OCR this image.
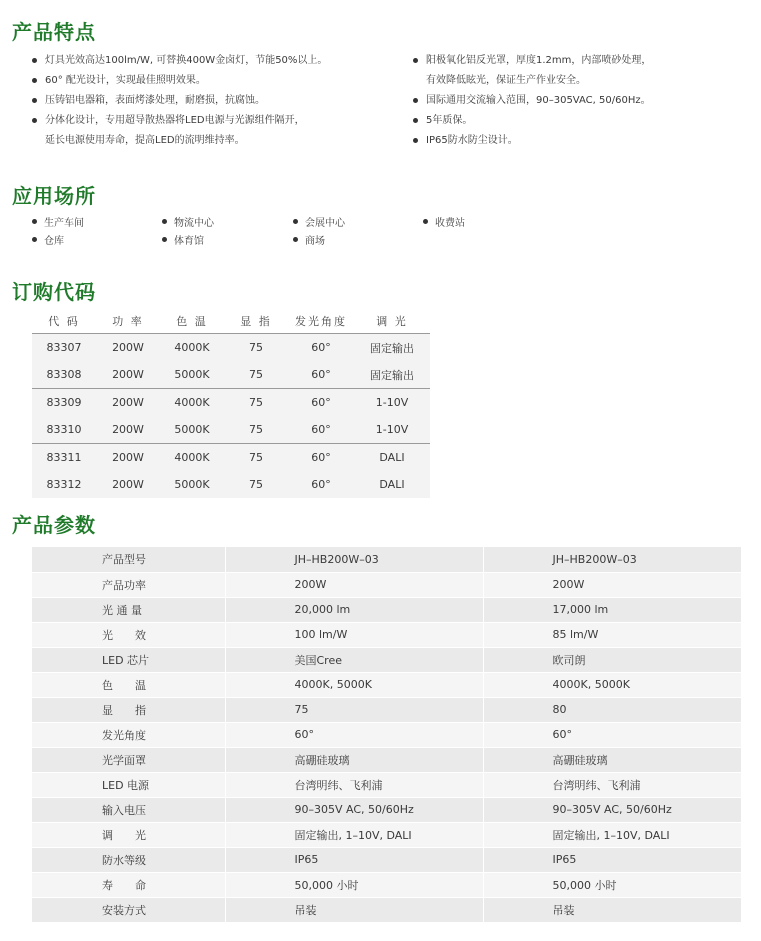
产品特点
灯具光效高达100lm/W, 可替换400W金卤灯，节能50%以上。
60° 配光设计，实现最佳照明效果。
压铸铝电器箱，表面烤漆处理，耐磨损，抗腐蚀。
分体化设计，专用超导散热器将LED电源与光源组件隔开，
延长电源使用寿命，提高LED的流明维持率。
阳极氧化铝反光罩，厚度1.2mm，内部喷砂处理，
有效降低眩光，保证生产作业安全。
国际通用交流输入范围，90–305VAC, 50/60Hz。
5年质保。
IP65防水防尘设计。
应用场所
生产车间	物流中心	会展中心	收费站
仓库	体育馆	商场
订购代码
代 码	功 率	色 温	显 指	发光角度	调 光
83307	200W	4000K	75	60°	固定输出
83308	200W	5000K	75	60°	固定输出
83309	200W	4000K	75	60°	1-10V
83310	200W	5000K	75	60°	1-10V
83311	200W	4000K	75	60°	DALI
83312	200W	5000K	75	60°	DALI
产品参数
产品型号	JH–HB200W–03	JH–HB200W–03
产品功率	200W	200W
光 通 量	20,000 lm	17,000 lm
光　　效	100 lm/W	85 lm/W
LED 芯片	美国Cree	欧司朗
色　　温	4000K, 5000K	4000K, 5000K
显　　指	75	80
发光角度	60°	60°
光学面罩	高硼硅玻璃	高硼硅玻璃
LED 电源	台湾明纬、飞利浦	台湾明纬、飞利浦
输入电压	90–305V AC, 50/60Hz	90–305V AC, 50/60Hz
调　　光	固定输出, 1–10V, DALI	固定输出, 1–10V, DALI
防水等级	IP65	IP65
寿　　命	50,000 小时	50,000 小时
安装方式	吊装	吊装
